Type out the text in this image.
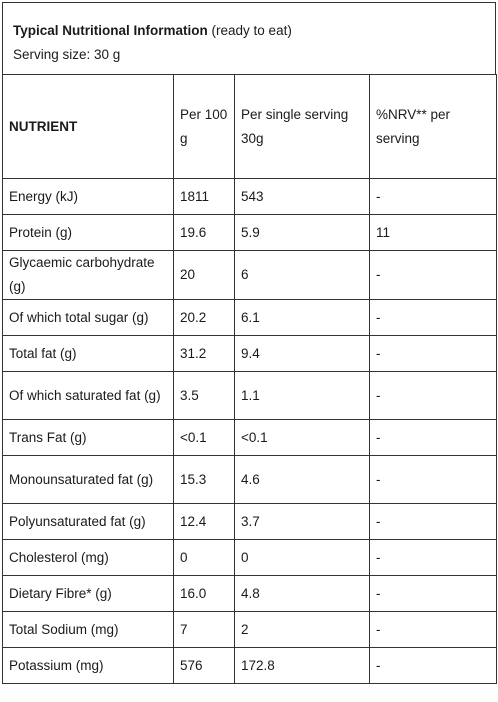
Typical Nutritional Information (ready to eat)
Serving size: 30 g
NUTRIENT	Per 100 g	Per single serving 30g	%NRV** per serving
Energy (kJ)	1811	543	-
Protein (g)	19.6	5.9	11
Glycaemic carbohydrate (g)	20	6	-
Of which total sugar (g)	20.2	6.1	-
Total fat (g)	31.2	9.4	-
Of which saturated fat (g)	3.5	1.1	-
Trans Fat (g)	<0.1	<0.1	-
Monounsaturated fat (g)	15.3	4.6	-
Polyunsaturated fat (g)	12.4	3.7	-
Cholesterol (mg)	0	0	-
Dietary Fibre* (g)	16.0	4.8	-
Total Sodium (mg)	7	2	-
Potassium (mg)	576	172.8	-
